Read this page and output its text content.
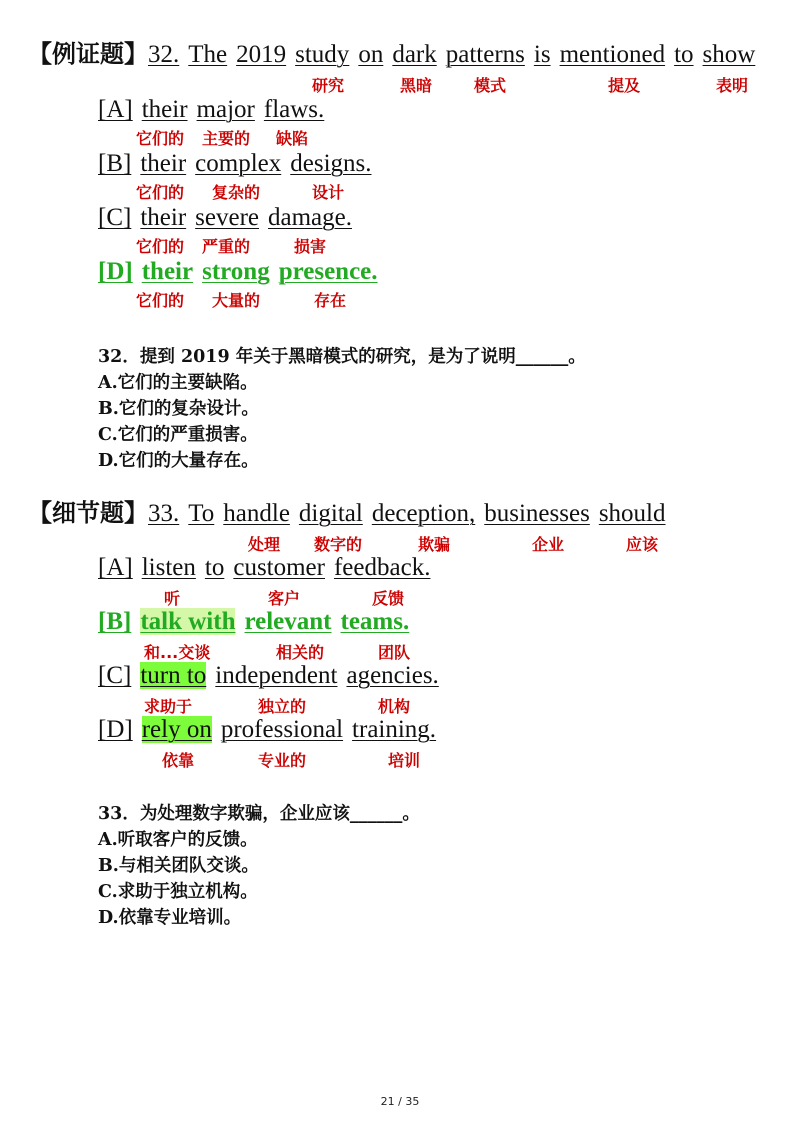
【例证题】32. The 2019 study on dark patterns is mentioned to show
研究	黑暗	模式	提及	表明
[A] their major flaws.
它们的 主要的 缺陷
[B] their complex designs.
它们的 复杂的	设计
[C] their severe damage.
它们的 严重的	损害
[D] their strong presence.
它们的 大量的	存在
32．提到 2019 年关于黑暗模式的研究，是为了说明______。
A.它们的主要缺陷。
B.它们的复杂设计。
C.它们的严重损害。
D.它们的大量存在。
【细节题】33. To handle digital deception, businesses should
处理 数字的	欺骗	企业	应该
[A] listen to customer feedback.
听	客户	反馈
[B] talk with relevant teams.
和...交谈	相关的	团队
[C] turn to independent agencies.
求助于	独立的	机构
[D] rely on professional training.
依靠	专业的	培训
33．为处理数字欺骗，企业应该______。
A.听取客户的反馈。
B.与相关团队交谈。
C.求助于独立机构。
D.依靠专业培训。
21 / 35
